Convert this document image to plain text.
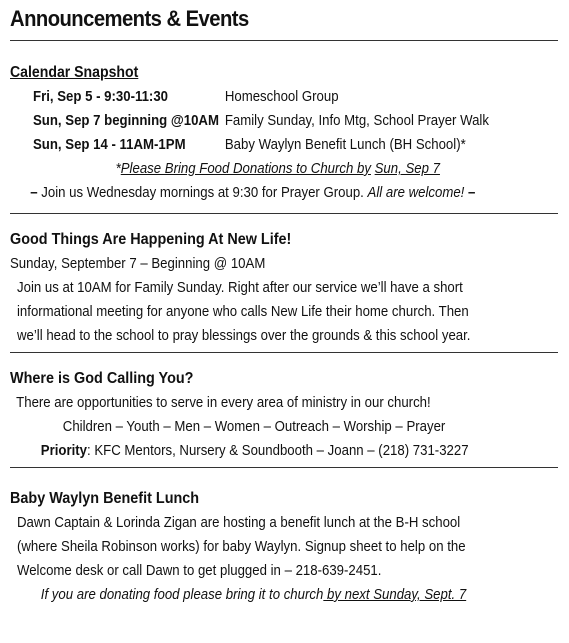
Announcements & Events
Calendar Snapshot
Fri, Sep 5 - 9:30-11:30	Homeschool Group
Sun, Sep 7 beginning @10AM Family Sunday, Info Mtg, School Prayer Walk
Sun, Sep 14 - 11AM-1PM	Baby Waylyn Benefit Lunch (BH School)*
*Please Bring Food Donations to Church by Sun, Sep 7
– Join us Wednesday mornings at 9:30 for Prayer Group. All are welcome! –
Good Things Are Happening At New Life!
Sunday, September 7 – Beginning @ 10AM
Join us at 10AM for Family Sunday. Right after our service we’ll have a short
informational meeting for anyone who calls New Life their home church. Then
we’ll head to the school to pray blessings over the grounds & this school year.
Where is God Calling You?
There are opportunities to serve in every area of ministry in our church!
Children – Youth – Men – Women – Outreach – Worship – Prayer
Priority: KFC Mentors, Nursery & Soundbooth – Joann – (218) 731-3227
Baby Waylyn Benefit Lunch
Dawn Captain & Lorinda Zigan are hosting a benefit lunch at the B-H school
(where Sheila Robinson works) for baby Waylyn. Signup sheet to help on the
Welcome desk or call Dawn to get plugged in – 218-639-2451.
If you are donating food please bring it to church by next Sunday, Sept. 7
